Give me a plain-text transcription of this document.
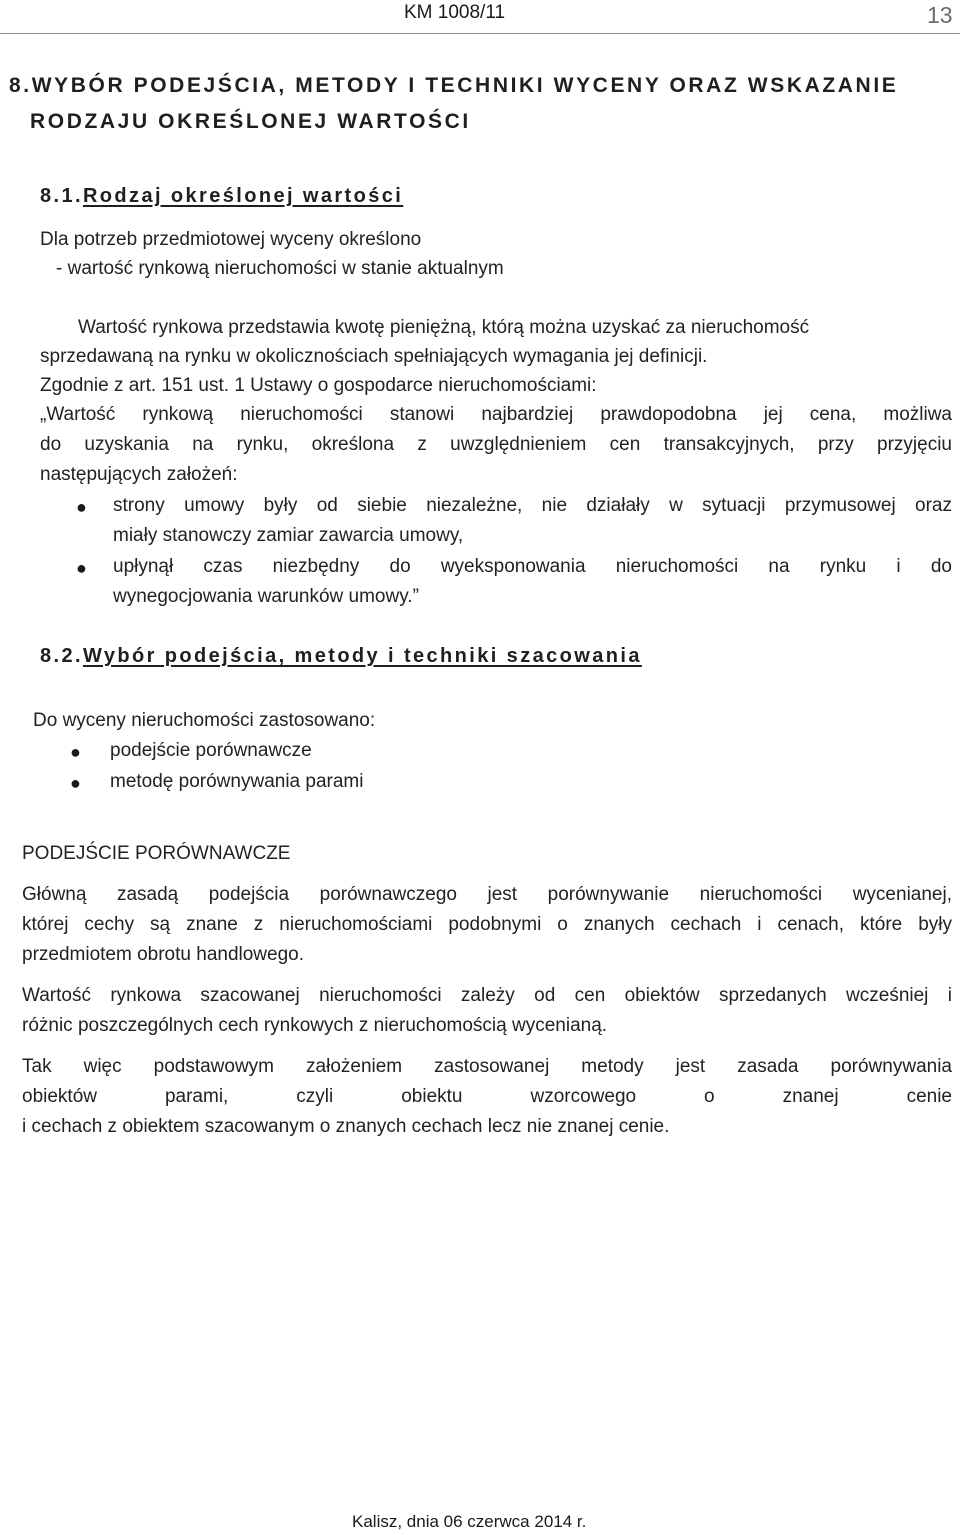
KM 1008/11	13
8.WYBÓR PODEJŚCIA, METODY I TECHNIKI WYCENY ORAZ WSKAZANIE
RODZAJU OKREŚLONEJ WARTOŚCI
8.1.Rodzaj określonej wartości
Dla potrzeb przedmiotowej wyceny określono
- wartość rynkową nieruchomości w stanie aktualnym
Wartość rynkowa przedstawia kwotę pieniężną, którą można uzyskać za nieruchomość
sprzedawaną na rynku w okolicznościach spełniających wymagania jej definicji.
Zgodnie z art. 151 ust. 1 Ustawy o gospodarce nieruchomościami:
„Wartość rynkową nieruchomości stanowi najbardziej prawdopodobna jej cena, możliwa
do uzyskania na rynku, określona z uwzględnieniem cen transakcyjnych, przy przyjęciu
następujących założeń:
● strony umowy były od siebie niezależne, nie działały w sytuacji przymusowej oraz
miały stanowczy zamiar zawarcia umowy,
● upłynął czas niezbędny do wyeksponowania nieruchomości na rynku i do
wynegocjowania warunków umowy.”
8.2.Wybór podejścia, metody i techniki szacowania
Do wyceny nieruchomości zastosowano:
● podejście porównawcze
● metodę porównywania parami
PODEJŚCIE PORÓWNAWCZE
Główną zasadą podejścia porównawczego jest porównywanie nieruchomości wycenianej,
której cechy są znane z nieruchomościami podobnymi o znanych cechach i cenach, które były
przedmiotem obrotu handlowego.
Wartość rynkowa szacowanej nieruchomości zależy od cen obiektów sprzedanych wcześniej i
różnic poszczególnych cech rynkowych z nieruchomością wycenianą.
Tak więc podstawowym założeniem zastosowanej metody jest zasada porównywania
obiektów parami, czyli obiektu wzorcowego o znanej cenie
i cechach z obiektem szacowanym o znanych cechach lecz nie znanej cenie.
Kalisz, dnia 06 czerwca 2014 r.
